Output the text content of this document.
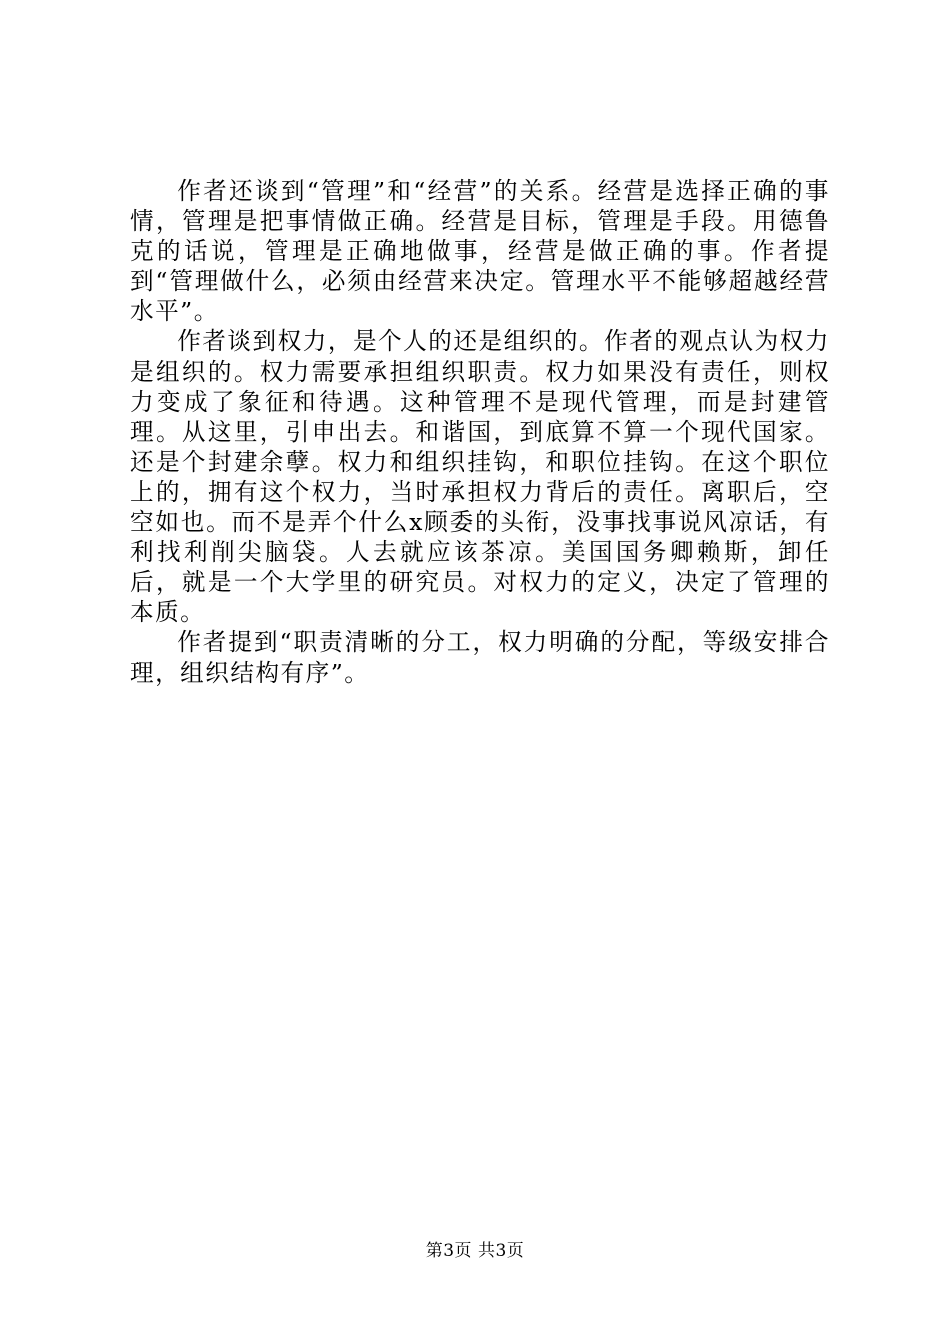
作者还谈到“管理”和“经营”的关系。经营是选择正确的事情，管理是把事情做正确。经营是目标，管理是手段。用德鲁克的话说，管理是正确地做事，经营是做正确的事。作者提到“管理做什么，必须由经营来决定。管理水平不能够超越经营水平”。

作者谈到权力，是个人的还是组织的。作者的观点认为权力是组织的。权力需要承担组织职责。权力如果没有责任，则权力变成了象征和待遇。这种管理不是现代管理，而是封建管理。从这里，引申出去。和谐国，到底算不算一个现代国家。还是个封建余孽。权力和组织挂钩，和职位挂钩。在这个职位上的，拥有这个权力，当时承担权力背后的责任。离职后，空空如也。而不是弄个什么x顾委的头衔，没事找事说风凉话，有利找利削尖脑袋。人去就应该茶凉。美国国务卿赖斯，卸任后，就是一个大学里的研究员。对权力的定义，决定了管理的本质。

作者提到“职责清晰的分工，权力明确的分配，等级安排合理，组织结构有序”。

第3页 共3页
